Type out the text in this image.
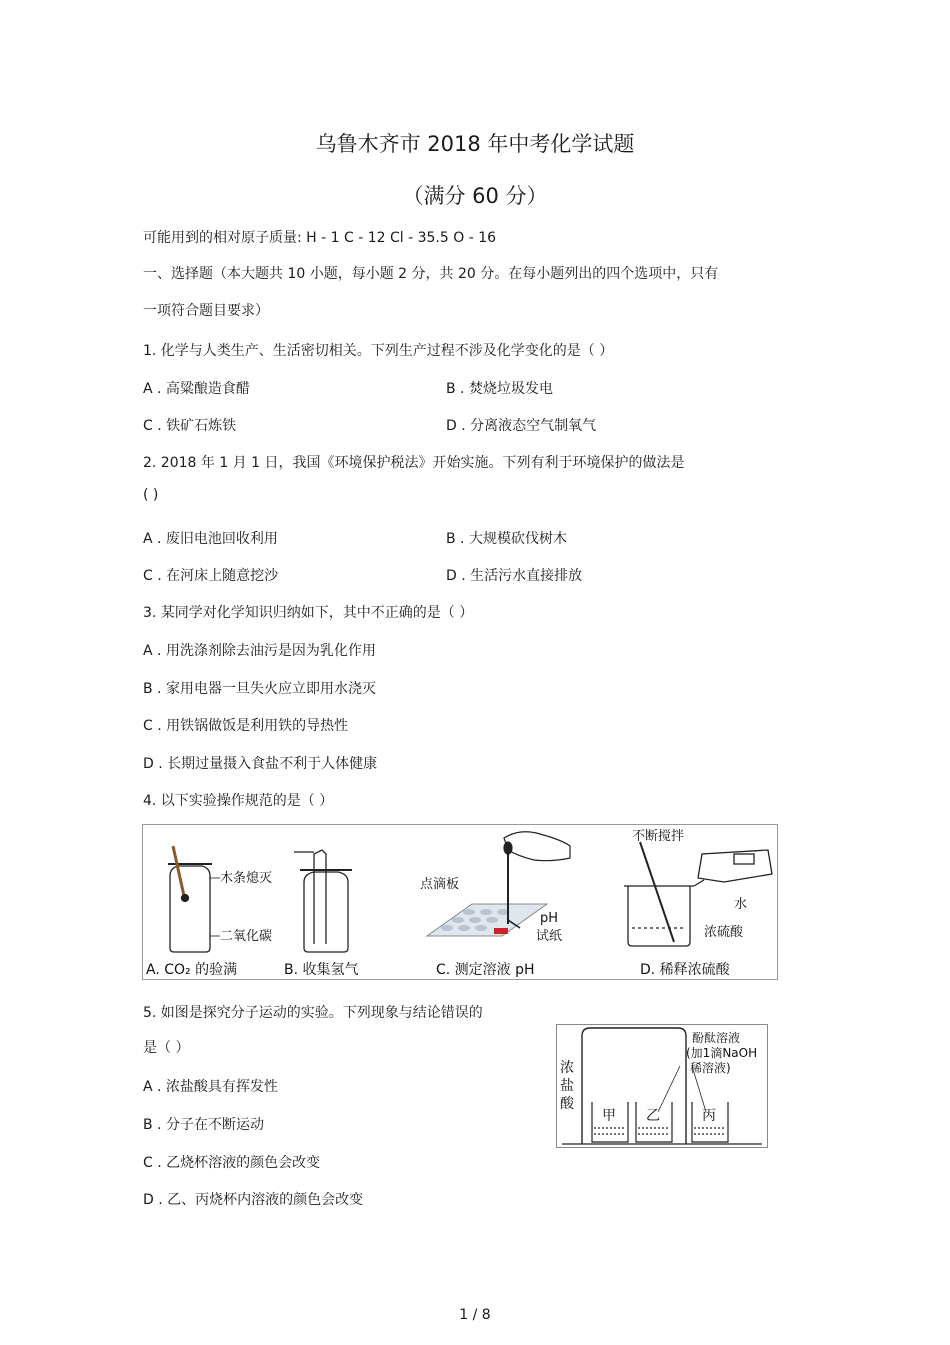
乌鲁木齐市 2018 年中考化学试题
（满分 60 分）
可能用到的相对原子质量: H - 1 C - 12 Cl - 35.5 O - 16
一、选择题（本大题共 10 小题，每小题 2 分，共 20 分。在每小题列出的四个选项中，只有
一项符合题目要求）
1. 化学与人类生产、生活密切相关。下列生产过程不涉及化学变化的是（ ）
A . 高粱酿造食醋	B . 焚烧垃圾发电
C . 铁矿石炼铁	D . 分离液态空气制氧气
2. 2018 年 1 月 1 日，我国《环境保护税法》开始实施。下列有利于环境保护的做法是
( )
A . 废旧电池回收利用	B . 大规模砍伐树木
C . 在河床上随意挖沙	D . 生活污水直接排放
3. 某同学对化学知识归纳如下，其中不正确的是（ ）
A . 用洗涤剂除去油污是因为乳化作用
B . 家用电器一旦失火应立即用水浇灭
C . 用铁锅做饭是利用铁的导热性
D . 长期过量摄入食盐不利于人体健康
4. 以下实验操作规范的是（ ）
木条熄灭
二氧化碳
A. CO₂ 的验满	B. 收集氢气
点滴板
pH
试纸
C. 测定溶液 pH
不断搅拌
水
浓硫酸
D. 稀释浓硫酸
5. 如图是探究分子运动的实验。下列现象与结论错误的
是（ ）
A . 浓盐酸具有挥发性
B . 分子在不断运动
C . 乙烧杯溶液的颜色会改变
D . 乙、丙烧杯内溶液的颜色会改变
浓
盐
酸
酚酞溶液
(加1滴NaOH
稀溶液)
甲 乙	丙
1 / 8
